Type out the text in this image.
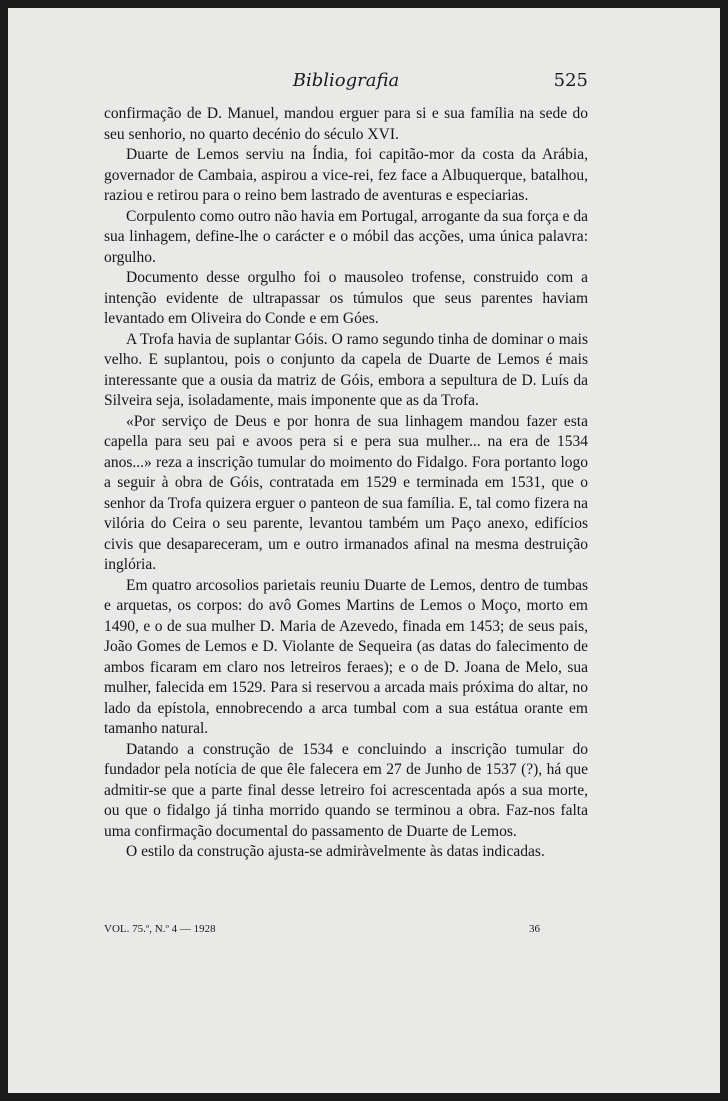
Bibliografia	525

confirmação de D. Manuel, mandou erguer para si e sua família na sede do seu senhorio, no quarto decénio do século XVI.

Duarte de Lemos serviu na Índia, foi capitão-mor da costa da Arábia, governador de Cambaia, aspirou a vice-rei, fez face a Albuquerque, batalhou, raziou e retirou para o reino bem lastrado de aventuras e especiarias.

Corpulento como outro não havia em Portugal, arrogante da sua força e da sua linhagem, define-lhe o carácter e o móbil das acções, uma única palavra: orgulho.

Documento desse orgulho foi o mausoleo trofense, construido com a intenção evidente de ultrapassar os túmulos que seus parentes haviam levantado em Oliveira do Conde e em Góes.

A Trofa havia de suplantar Góis. O ramo segundo tinha de dominar o mais velho. E suplantou, pois o conjunto da capela de Duarte de Lemos é mais interessante que a ousia da matriz de Góis, embora a sepultura de D. Luís da Silveira seja, isoladamente, mais imponente que as da Trofa.

«Por serviço de Deus e por honra de sua linhagem mandou fazer esta capella para seu pai e avoos pera si e pera sua mulher... na era de 1534 anos...» reza a inscrição tumular do moimento do Fidalgo. Fora portanto logo a seguir à obra de Góis, contratada em 1529 e terminada em 1531, que o senhor da Trofa quizera erguer o panteon de sua família. E, tal como fizera na vilória do Ceira o seu parente, levantou também um Paço anexo, edifícios civis que desapareceram, um e outro irmanados afinal na mesma destruição inglória.

Em quatro arcosolios parietais reuniu Duarte de Lemos, dentro de tumbas e arquetas, os corpos: do avô Gomes Martins de Lemos o Moço, morto em 1490, e o de sua mulher D. Maria de Azevedo, finada em 1453; de seus pais, João Gomes de Lemos e D. Violante de Sequeira (as datas do falecimento de ambos ficaram em claro nos letreiros feraes); e o de D. Joana de Melo, sua mulher, falecida em 1529. Para si reservou a arcada mais próxima do altar, no lado da epístola, ennobrecendo a arca tumbal com a sua estátua orante em tamanho natural.

Datando a construção de 1534 e concluindo a inscrição tumular do fundador pela notícia de que êle falecera em 27 de Junho de 1537 (?), há que admitir-se que a parte final desse letreiro foi acrescentada após a sua morte, ou que o fidalgo já tinha morrido quando se terminou a obra. Faz-nos falta uma confirmação documental do passamento de Duarte de Lemos.

O estilo da construção ajusta-se admiràvelmente às datas indicadas.

VOL. 75.º, N.º 4 — 1928	36
